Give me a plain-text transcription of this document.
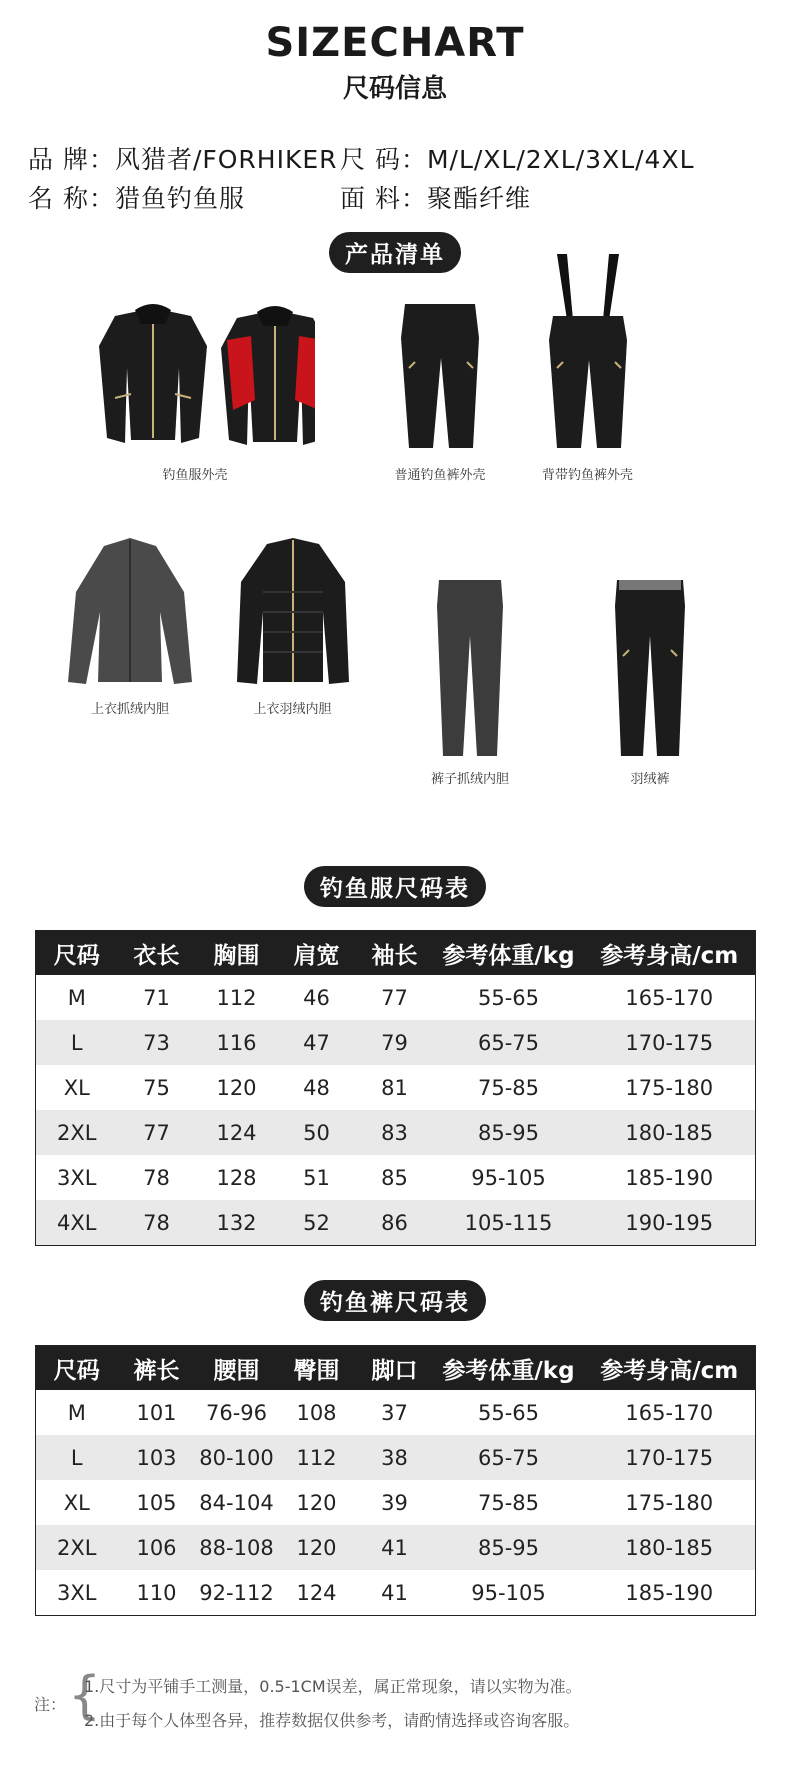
SIZECHART
尺码信息
品 牌：风猎者/FORHIKER 尺 码：M/L/XL/2XL/3XL/4XL
名 称：猎鱼钓鱼服	面 料：聚酯纤维
产品清单
钓鱼服外壳	普通钓鱼裤外壳	背带钓鱼裤外壳
上衣抓绒内胆	上衣羽绒内胆
裤子抓绒内胆	羽绒裤
钓鱼服尺码表
尺码	衣长	胸围	肩宽	袖长	参考体重/kg	参考身高/cm
M	71	112	46	77	55-65	165-170
L	73	116	47	79	65-75	170-175
XL	75	120	48	81	75-85	175-180
2XL	77	124	50	83	85-95	180-185
3XL	78	128	51	85	95-105	185-190
4XL	78	132	52	86	105-115	190-195
钓鱼裤尺码表
尺码	裤长	腰围	臀围	脚口	参考体重/kg	参考身高/cm
M	101	76-96	108	37	55-65	165-170
L	103	80-100	112	38	65-75	170-175
XL	105	84-104	120	39	75-85	175-180
2XL	106	88-108	120	41	85-95	180-185
3XL	110	92-112	124	41	95-105	185-190
注： {
1.尺寸为平铺手工测量，0.5-1CM误差，属正常现象，请以实物为准。
2.由于每个人体型各异，推荐数据仅供参考，请酌情选择或咨询客服。
